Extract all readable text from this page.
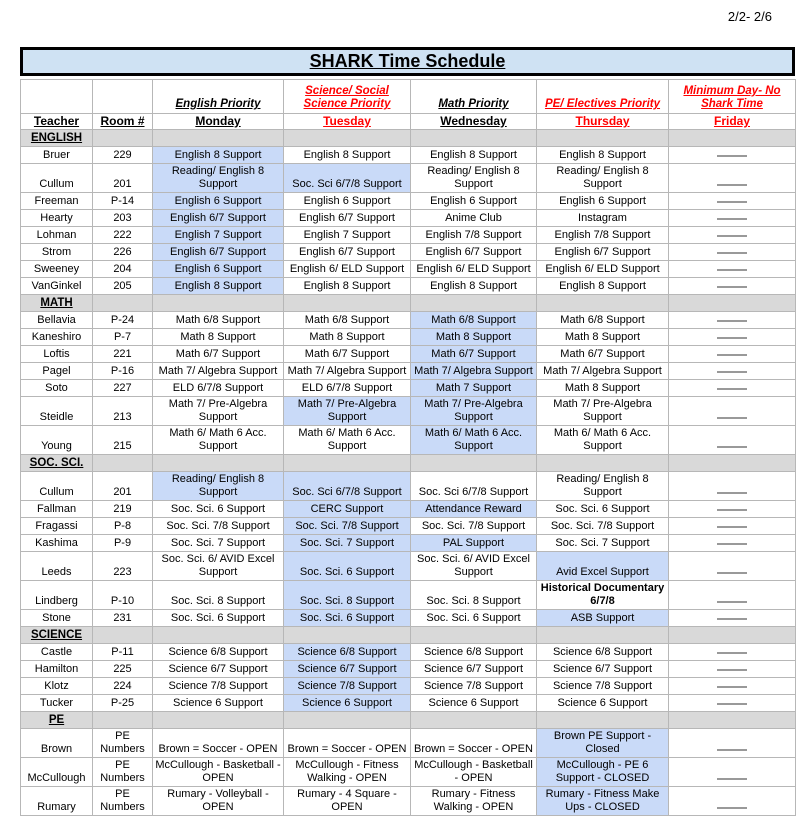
2/2- 2/6
SHARK Time Schedule
		English Priority	Science/ Social Science Priority	Math Priority	PE/ Electives Priority	Minimum Day- No Shark Time
Teacher	Room #	Monday	Tuesday	Wednesday	Thursday	Friday
ENGLISH						
Bruer	229	English 8 Support	English 8 Support	English 8 Support	English 8 Support	
Cullum	201	Reading/ English 8 Support	Soc. Sci 6/7/8 Support	Reading/ English 8 Support	Reading/ English 8 Support	
Freeman	P-14	English 6 Support	English 6 Support	English 6 Support	English 6 Support	
Hearty	203	English 6/7 Support	English 6/7 Support	Anime Club	Instagram	
Lohman	222	English 7 Support	English 7 Support	English 7/8 Support	English 7/8 Support	
Strom	226	English 6/7 Support	English 6/7 Support	English 6/7 Support	English 6/7 Support	
Sweeney	204	English 6 Support	English 6/ ELD Support	English 6/ ELD Support	English 6/ ELD Support	
VanGinkel	205	English 8 Support	English 8 Support	English 8 Support	English 8 Support	
MATH						
Bellavia	P-24	Math 6/8 Support	Math 6/8 Support	Math 6/8 Support	Math 6/8 Support	
Kaneshiro	P-7	Math 8 Support	Math 8 Support	Math 8 Support	Math 8 Support	
Loftis	221	Math 6/7 Support	Math 6/7 Support	Math 6/7 Support	Math 6/7 Support	
Pagel	P-16	Math 7/ Algebra Support	Math 7/ Algebra Support	Math 7/ Algebra Support	Math 7/ Algebra Support	
Soto	227	ELD 6/7/8 Support	ELD 6/7/8 Support	Math 7 Support	Math 8 Support	
Steidle	213	Math 7/ Pre-Algebra Support	Math 7/ Pre-Algebra Support	Math 7/ Pre-Algebra Support	Math 7/ Pre-Algebra Support	
Young	215	Math 6/ Math 6 Acc. Support	Math 6/ Math 6 Acc. Support	Math 6/ Math 6 Acc. Support	Math 6/ Math 6 Acc. Support	
SOC. SCI.						
Cullum	201	Reading/ English 8 Support	Soc. Sci 6/7/8 Support	Soc. Sci 6/7/8 Support	Reading/ English 8 Support	
Fallman	219	Soc. Sci. 6 Support	CERC Support	Attendance Reward	Soc. Sci. 6 Support	
Fragassi	P-8	Soc. Sci. 7/8 Support	Soc. Sci. 7/8 Support	Soc. Sci. 7/8 Support	Soc. Sci. 7/8 Support	
Kashima	P-9	Soc. Sci. 7 Support	Soc. Sci. 7 Support	PAL Support	Soc. Sci. 7 Support	
Leeds	223	Soc. Sci. 6/ AVID Excel Support	Soc. Sci. 6 Support	Soc. Sci. 6/ AVID Excel Support	Avid Excel Support	
Lindberg	P-10	Soc. Sci. 8 Support	Soc. Sci. 8 Support	Soc. Sci. 8 Support	Historical Documentary 6/7/8	
Stone	231	Soc. Sci. 6 Support	Soc. Sci. 6 Support	Soc. Sci. 6 Support	ASB Support	
SCIENCE						
Castle	P-11	Science 6/8 Support	Science 6/8 Support	Science 6/8 Support	Science 6/8 Support	
Hamilton	225	Science 6/7 Support	Science 6/7 Support	Science 6/7 Support	Science 6/7 Support	
Klotz	224	Science 7/8 Support	Science 7/8 Support	Science 7/8 Support	Science 7/8 Support	
Tucker	P-25	Science 6 Support	Science 6 Support	Science 6 Support	Science 6 Support	
PE						
Brown	PE Numbers	Brown = Soccer - OPEN	Brown = Soccer - OPEN	Brown = Soccer - OPEN	Brown PE Support - Closed	
McCullough	PE Numbers	McCullough - Basketball - OPEN	McCullough - Fitness Walking - OPEN	McCullough - Basketball - OPEN	McCullough - PE 6 Support - CLOSED	
Rumary	PE Numbers	Rumary - Volleyball - OPEN	Rumary - 4 Square - OPEN	Rumary - Fitness Walking - OPEN	Rumary - Fitness Make Ups - CLOSED	
